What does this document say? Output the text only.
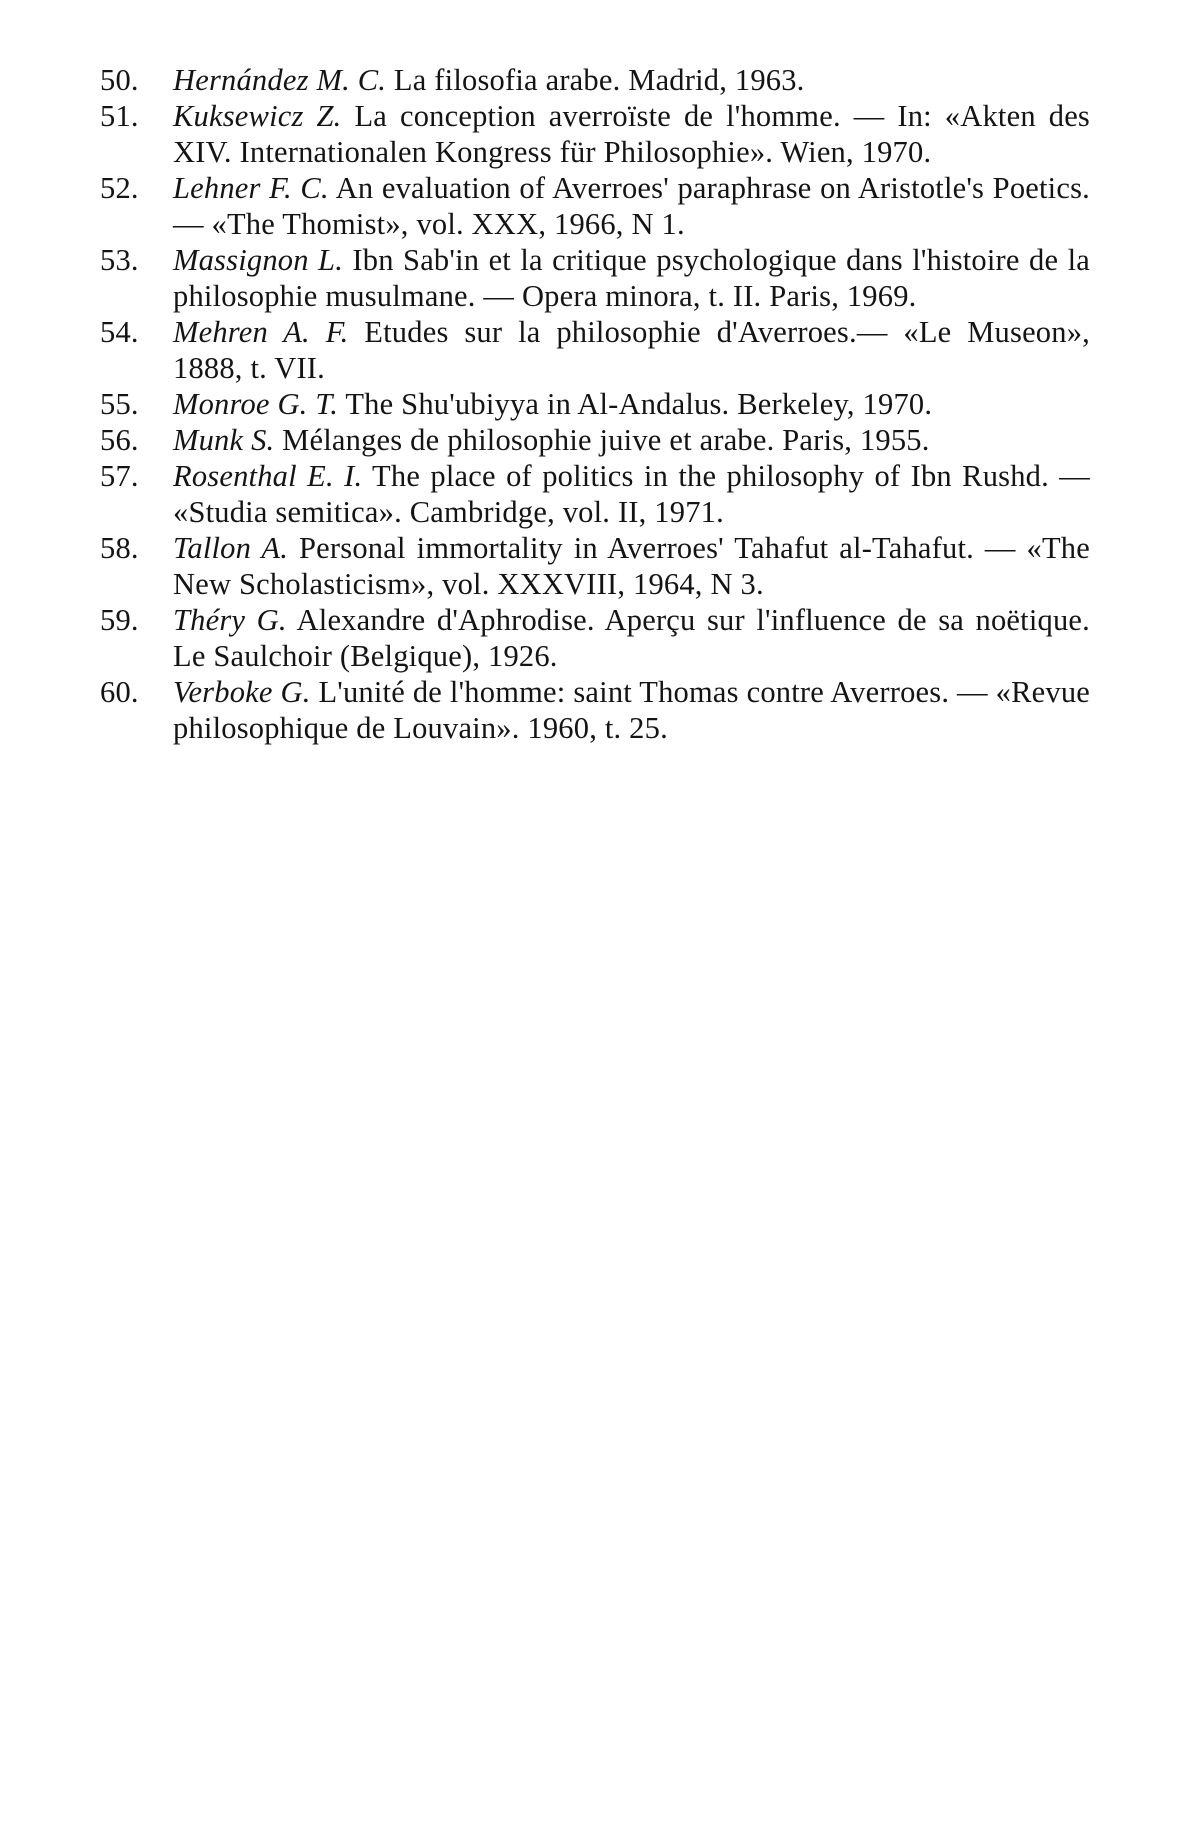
50.	Hernández M. C. La filosofia arabe. Madrid, 1963.
51.	Kuksewicz Z. La conception averroïste de l'homme. — In: «Akten des XIV. Internationalen Kongress für Philosophie». Wien, 1970.
52.	Lehner F. C. An evaluation of Averroes' paraphrase on Aristotle's Poetics. — «The Thomist», vol. XXX, 1966, N 1.
53.	Massignon L. Ibn Sab'in et la critique psychologique dans l'histoire de la philosophie musulmane. — Opera minora, t. II. Paris, 1969.
54.	Mehren A. F. Etudes sur la philosophie d'Averroes.— «Le Museon», 1888, t. VII.
55.	Monroe G. T. The Shu'ubiyya in Al-Andalus. Berkeley, 1970.
56.	Munk S. Mélanges de philosophie juive et arabe. Paris, 1955.
57.	Rosenthal E. I. The place of politics in the philosophy of Ibn Rushd. — «Studia semitica». Cambridge, vol. II, 1971.
58.	Tallon A. Personal immortality in Averroes' Tahafut al-Tahafut. — «The New Scholasticism», vol. XXXVIII, 1964, N 3.
59.	Théry G. Alexandre d'Aphrodise. Aperçu sur l'influence de sa noëtique. Le Saulchoir (Belgique), 1926.
60.	Verboke G. L'unité de l'homme: saint Thomas contre Averroes. — «Revue philosophique de Louvain». 1960, t. 25.
